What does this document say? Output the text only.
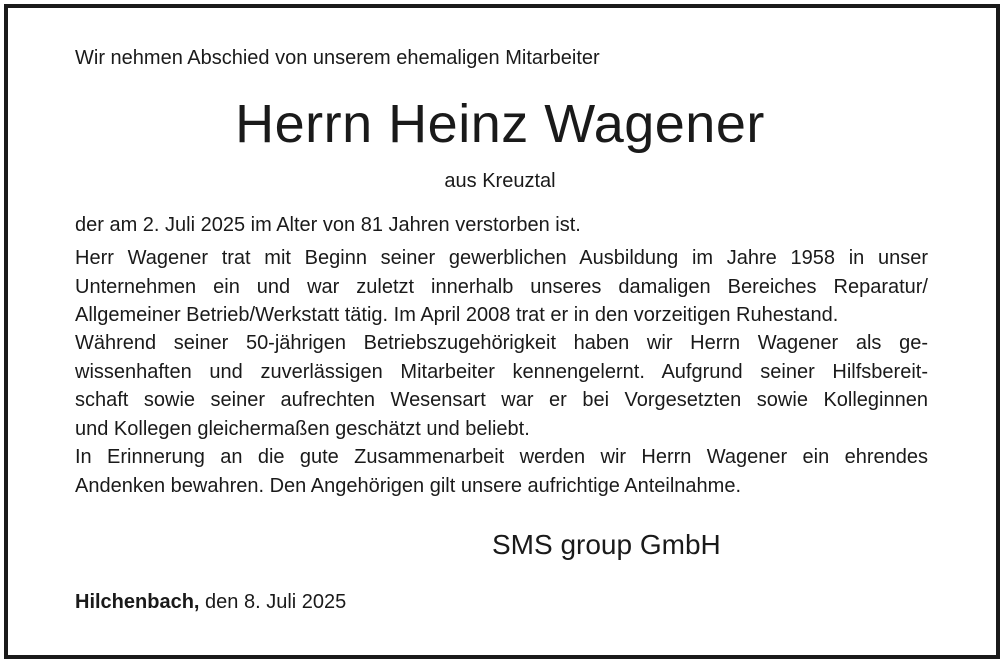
Wir nehmen Abschied von unserem ehemaligen Mitarbeiter

Herrn Heinz Wagener

aus Kreuztal

der am 2. Juli 2025 im Alter von 81 Jahren verstorben ist.

Herr Wagener trat mit Beginn seiner gewerblichen Ausbildung im Jahre 1958 in unser
Unternehmen ein und war zuletzt innerhalb unseres damaligen Bereiches Reparatur/
Allgemeiner Betrieb/Werkstatt tätig. Im April 2008 trat er in den vorzeitigen Ruhestand.
Während seiner 50-jährigen Betriebszugehörigkeit haben wir Herrn Wagener als ge-
wissenhaften und zuverlässigen Mitarbeiter kennengelernt. Aufgrund seiner Hilfsbereit-
schaft sowie seiner aufrechten Wesensart war er bei Vorgesetzten sowie Kolleginnen
und Kollegen gleichermaßen geschätzt und beliebt.
In Erinnerung an die gute Zusammenarbeit werden wir Herrn Wagener ein ehrendes
Andenken bewahren. Den Angehörigen gilt unsere aufrichtige Anteilnahme.

SMS group GmbH

Hilchenbach, den 8. Juli 2025
